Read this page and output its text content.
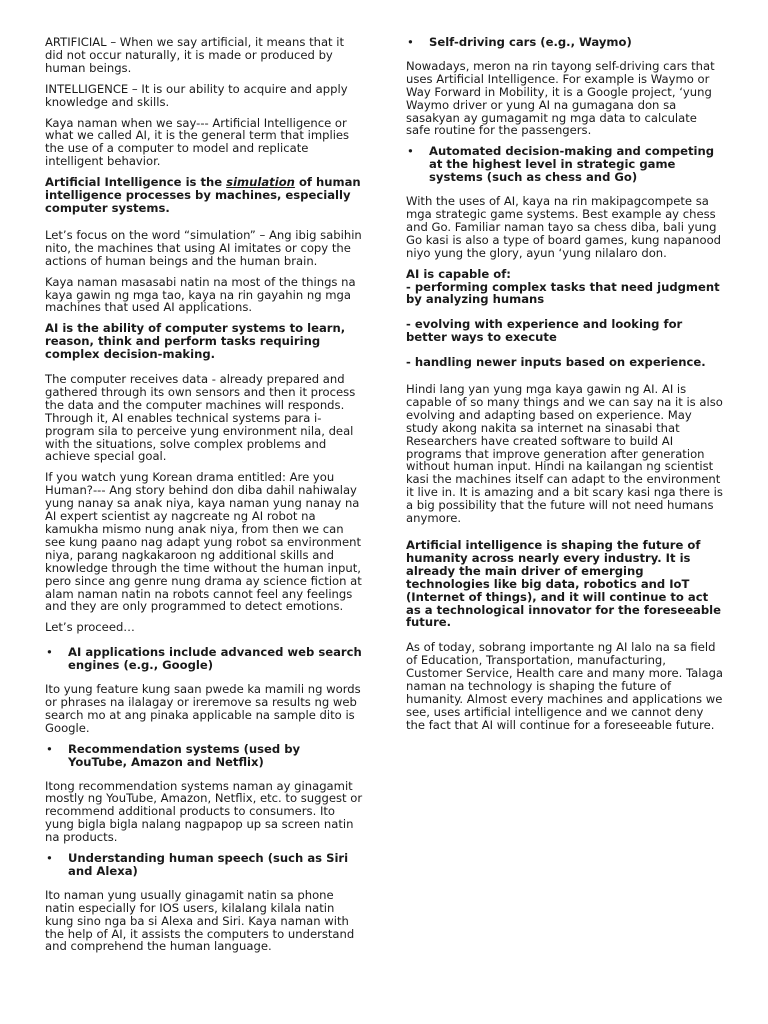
ARTIFICIAL – When we say artificial, it means that it did not occur naturally, it is made or produced by human beings.

INTELLIGENCE – It is our ability to acquire and apply knowledge and skills.

Kaya naman when we say--- Artificial Intelligence or what we called AI, it is the general term that implies the use of a computer to model and replicate intelligent behavior.

Artificial Intelligence is the simulation of human intelligence processes by machines, especially computer systems.

Let’s focus on the word “simulation” – Ang ibig sabihin nito, the machines that using AI imitates or copy the actions of human beings and the human brain.

Kaya naman masasabi natin na most of the things na kaya gawin ng mga tao, kaya na rin gayahin ng mga machines that used AI applications.

AI is the ability of computer systems to learn, reason, think and perform tasks requiring complex decision-making.

The computer receives data - already prepared and gathered through its own sensors and then it process the data and the computer machines will responds. Through it, AI enables technical systems para i-program sila to perceive yung environment nila, deal with the situations, solve complex problems and achieve special goal.

If you watch yung Korean drama entitled: Are you Human?--- Ang story behind don diba dahil nahiwalay yung nanay sa anak niya, kaya naman yung nanay na AI expert scientist ay nagcreate ng AI robot na kamukha mismo nung anak niya, from then we can see kung paano nag adapt yung robot sa environment niya, parang nagkakaroon ng additional skills and knowledge through the time without the human input, pero since ang genre nung drama ay science fiction at alam naman natin na robots cannot feel any feelings and they are only programmed to detect emotions.

Let’s proceed…

• AI applications include advanced web search engines (e.g., Google)

Ito yung feature kung saan pwede ka mamili ng words or phrases na ilalagay or ireremove sa results ng web search mo at ang pinaka applicable na sample dito is Google.

• Recommendation systems (used by YouTube, Amazon and Netflix)

Itong recommendation systems naman ay ginagamit mostly ng YouTube, Amazon, Netflix, etc. to suggest or recommend additional products to consumers. Ito yung bigla bigla nalang nagpapop up sa screen natin na products.

• Understanding human speech (such as Siri and Alexa)

Ito naman yung usually ginagamit natin sa phone natin especially for IOS users, kilalang kilala natin kung sino nga ba si Alexa and Siri. Kaya naman with the help of AI, it assists the computers to understand and comprehend the human language.

• Self-driving cars (e.g., Waymo)

Nowadays, meron na rin tayong self-driving cars that uses Artificial Intelligence. For example is Waymo or Way Forward in Mobility, it is a Google project, ‘yung Waymo driver or yung AI na gumagana don sa sasakyan ay gumagamit ng mga data to calculate safe routine for the passengers.

• Automated decision-making and competing at the highest level in strategic game systems (such as chess and Go)

With the uses of AI, kaya na rin makipagcompete sa mga strategic game systems. Best example ay chess and Go. Familiar naman tayo sa chess diba, bali yung Go kasi is also a type of board games, kung napanood niyo yung the glory, ayun ‘yung nilalaro don.

AI is capable of:
- performing complex tasks that need judgment by analyzing humans

- evolving with experience and looking for better ways to execute

- handling newer inputs based on experience.

Hindi lang yan yung mga kaya gawin ng AI. AI is capable of so many things and we can say na it is also evolving and adapting based on experience. May study akong nakita sa internet na sinasabi that Researchers have created software to build AI programs that improve generation after generation without human input. Hindi na kailangan ng scientist kasi the machines itself can adapt to the environment it live in. It is amazing and a bit scary kasi nga there is a big possibility that the future will not need humans anymore.

Artificial intelligence is shaping the future of humanity across nearly every industry. It is already the main driver of emerging technologies like big data, robotics and IoT (Internet of things), and it will continue to act as a technological innovator for the foreseeable future.

As of today, sobrang importante ng AI lalo na sa field of Education, Transportation, manufacturing, Customer Service, Health care and many more. Talaga naman na technology is shaping the future of humanity. Almost every machines and applications we see, uses artificial intelligence and we cannot deny the fact that AI will continue for a foreseeable future.
